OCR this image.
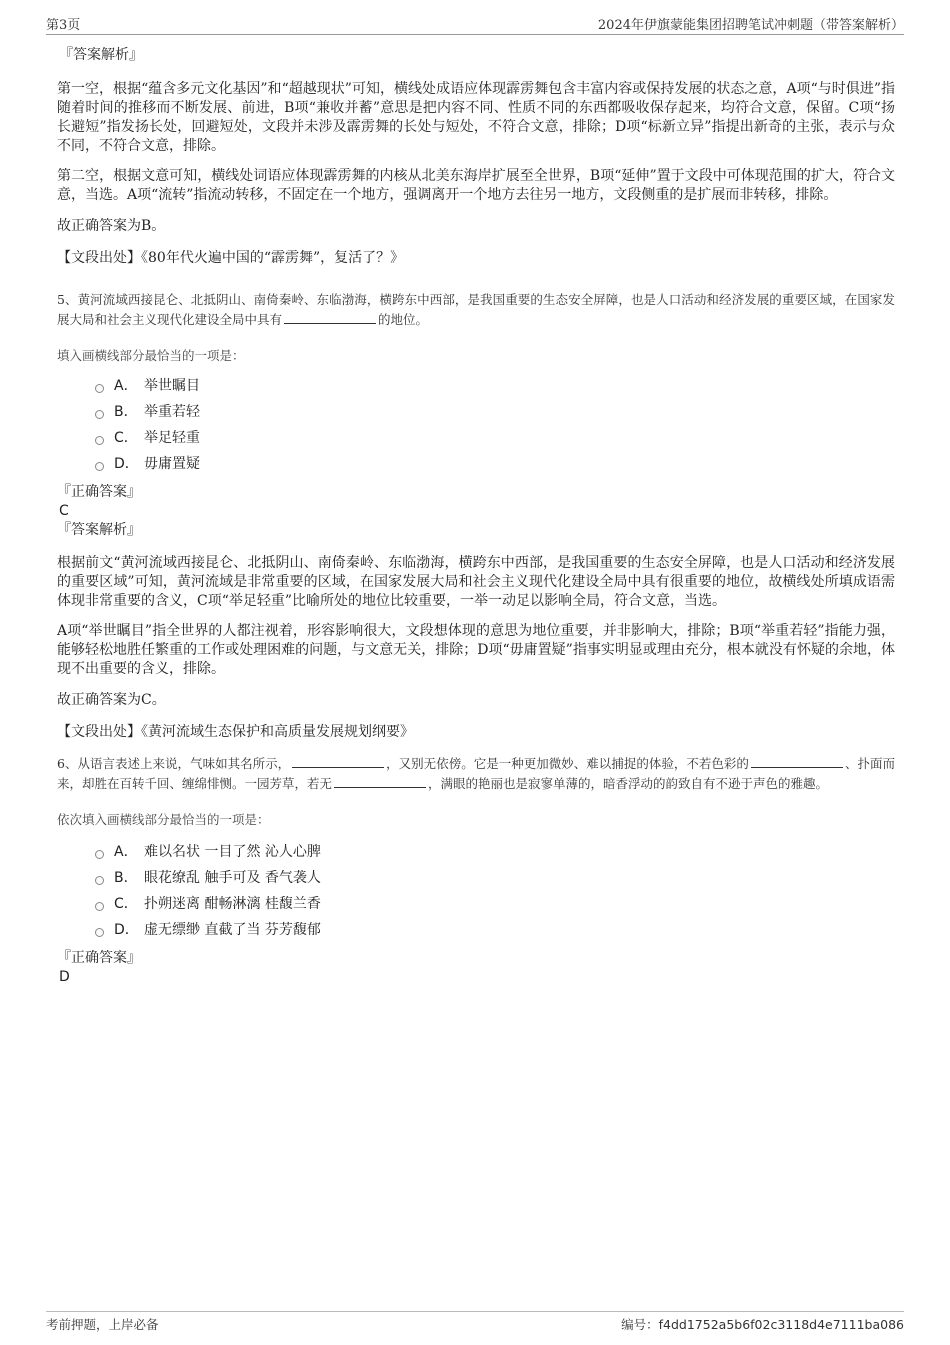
第3页	2024年伊旗蒙能集团招聘笔试冲刺题（带答案解析）
『答案解析』

第一空，根据“蕴含多元文化基因”和“超越现状”可知，横线处成语应体现霹雳舞包含丰富内容或保持发展的状态之意，A项“与时俱进”指随着时间的推移而不断发展、前进，B项“兼收并蓄”意思是把内容不同、性质不同的东西都吸收保存起来，均符合文意，保留。C项“扬长避短”指发扬长处，回避短处，文段并未涉及霹雳舞的长处与短处，不符合文意，排除；D项“标新立异”指提出新奇的主张，表示与众不同，不符合文意，排除。

第二空，根据文意可知，横线处词语应体现霹雳舞的内核从北美东海岸扩展至全世界，B项“延伸”置于文段中可体现范围的扩大，符合文意，当选。A项“流转”指流动转移，不固定在一个地方，强调离开一个地方去往另一地方，文段侧重的是扩展而非转移，排除。

故正确答案为B。

【文段出处】《80年代火遍中国的“霹雳舞”，复活了？》

5、黄河流域西接昆仑、北抵阴山、南倚秦岭、东临渤海，横跨东中西部，是我国重要的生态安全屏障，也是人口活动和经济发展的重要区域，在国家发展大局和社会主义现代化建设全局中具有	的地位。

填入画横线部分最恰当的一项是：
A． 举世瞩目
B． 举重若轻
C． 举足轻重
D． 毋庸置疑
『正确答案』
C
『答案解析』

根据前文“黄河流域西接昆仑、北抵阴山、南倚秦岭、东临渤海，横跨东中西部，是我国重要的生态安全屏障，也是人口活动和经济发展的重要区域”可知，黄河流域是非常重要的区域，在国家发展大局和社会主义现代化建设全局中具有很重要的地位，故横线处所填成语需体现非常重要的含义，C项“举足轻重”比喻所处的地位比较重要，一举一动足以影响全局，符合文意，当选。

A项“举世瞩目”指全世界的人都注视着，形容影响很大，文段想体现的意思为地位重要，并非影响大，排除；B项“举重若轻”指能力强，能够轻松地胜任繁重的工作或处理困难的问题，与文意无关，排除；D项“毋庸置疑”指事实明显或理由充分，根本就没有怀疑的余地，体现不出重要的含义，排除。

故正确答案为C。

【文段出处】《黄河流域生态保护和高质量发展规划纲要》

6、从语言表述上来说，气味如其名所示，	，又别无依傍。它是一种更加微妙、难以捕捉的体验，不若色彩的	、扑面而来，却胜在百转千回、缠绵悱恻。一园芳草，若无	，满眼的艳丽也是寂寥单薄的，暗香浮动的韵致自有不逊于声色的雅趣。

依次填入画横线部分最恰当的一项是：
A． 难以名状 一目了然 沁人心脾
B． 眼花缭乱 触手可及 香气袭人
C． 扑朔迷离 酣畅淋漓 桂馥兰香
D． 虚无缥缈 直截了当 芬芳馥郁
『正确答案』
D
考前押题，上岸必备	编号：f4dd1752a5b6f02c3118d4e7111ba086
